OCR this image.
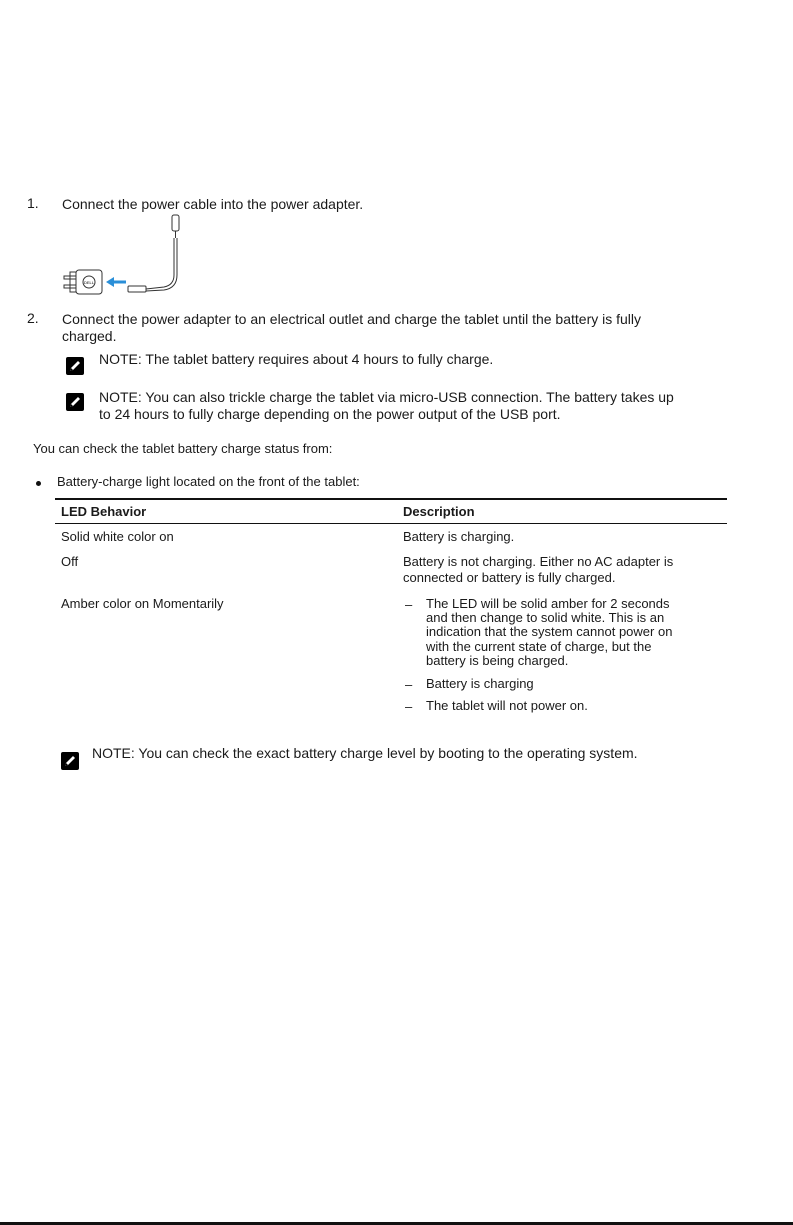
1. Connect the power cable into the power adapter.
DELL
2. Connect the power adapter to an electrical outlet and charge the tablet until the battery is fully
charged.
NOTE: The tablet battery requires about 4 hours to fully charge.
NOTE: You can also trickle charge the tablet via micro-USB connection. The battery takes up
to 24 hours to fully charge depending on the power output of the USB port.
You can check the tablet battery charge status from:
Battery-charge light located on the front of the tablet:
LED Behavior	Description
Solid white color on	Battery is charging.
Off	Battery is not charging. Either no AC adapter is
connected or battery is fully charged.
Amber color on Momentarily	– The LED will be solid amber for 2 seconds
and then change to solid white. This is an
indication that the system cannot power on
with the current state of charge, but the
battery is being charged.
– Battery is charging
– The tablet will not power on.
NOTE: You can check the exact battery charge level by booting to the operating system.
